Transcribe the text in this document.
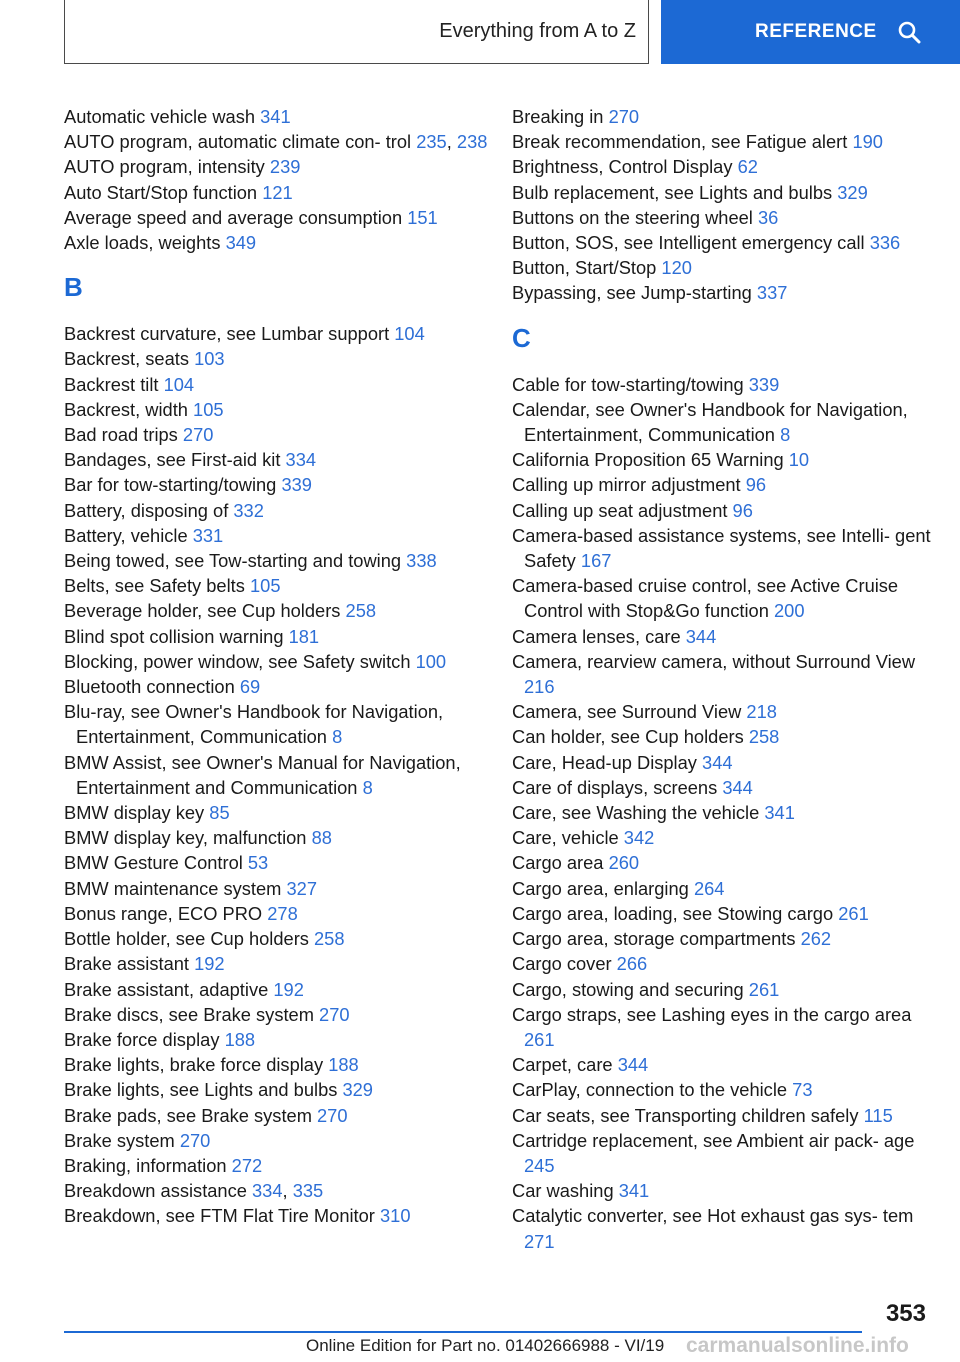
Everything from A to Z	REFERENCE

Automatic vehicle wash 341

AUTO program, automatic climate con- trol 235, 238

AUTO program, intensity 239

Auto Start/Stop function 121

Average speed and average consumption 151

Axle loads, weights 349

B

Backrest curvature, see Lumbar support 104

Backrest, seats 103

Backrest tilt 104

Backrest, width 105

Bad road trips 270

Bandages, see First-aid kit 334

Bar for tow-starting/towing 339

Battery, disposing of 332

Battery, vehicle 331

Being towed, see Tow-starting and towing 338

Belts, see Safety belts 105

Beverage holder, see Cup holders 258

Blind spot collision warning 181

Blocking, power window, see Safety switch 100

Bluetooth connection 69

Blu-ray, see Owner's Handbook for Navigation, Entertainment, Communication 8

BMW Assist, see Owner's Manual for Navigation, Entertainment and Communication 8

BMW display key 85

BMW display key, malfunction 88

BMW Gesture Control 53

BMW maintenance system 327

Bonus range, ECO PRO 278

Bottle holder, see Cup holders 258

Brake assistant 192

Brake assistant, adaptive 192

Brake discs, see Brake system 270

Brake force display 188

Brake lights, brake force display 188

Brake lights, see Lights and bulbs 329

Brake pads, see Brake system 270

Brake system 270

Braking, information 272

Breakdown assistance 334, 335

Breakdown, see FTM Flat Tire Monitor 310

Breaking in 270

Break recommendation, see Fatigue alert 190

Brightness, Control Display 62

Bulb replacement, see Lights and bulbs 329

Buttons on the steering wheel 36

Button, SOS, see Intelligent emergency call 336

Button, Start/Stop 120

Bypassing, see Jump-starting 337

C

Cable for tow-starting/towing 339

Calendar, see Owner's Handbook for Navigation, Entertainment, Communication 8

California Proposition 65 Warning 10

Calling up mirror adjustment 96

Calling up seat adjustment 96

Camera-based assistance systems, see Intelli- gent Safety 167

Camera-based cruise control, see Active Cruise Control with Stop&Go function 200

Camera lenses, care 344

Camera, rearview camera, without Surround View 216

Camera, see Surround View 218

Can holder, see Cup holders 258

Care, Head-up Display 344

Care of displays, screens 344

Care, see Washing the vehicle 341

Care, vehicle 342

Cargo area 260

Cargo area, enlarging 264

Cargo area, loading, see Stowing cargo 261

Cargo area, storage compartments 262

Cargo cover 266

Cargo, stowing and securing 261

Cargo straps, see Lashing eyes in the cargo area 261

Carpet, care 344

CarPlay, connection to the vehicle 73

Car seats, see Transporting children safely 115

Cartridge replacement, see Ambient air pack- age 245

Car washing 341

Catalytic converter, see Hot exhaust gas sys- tem 271

353
Online Edition for Part no. 01402666988 - VI/19 carmanualsonline.info
